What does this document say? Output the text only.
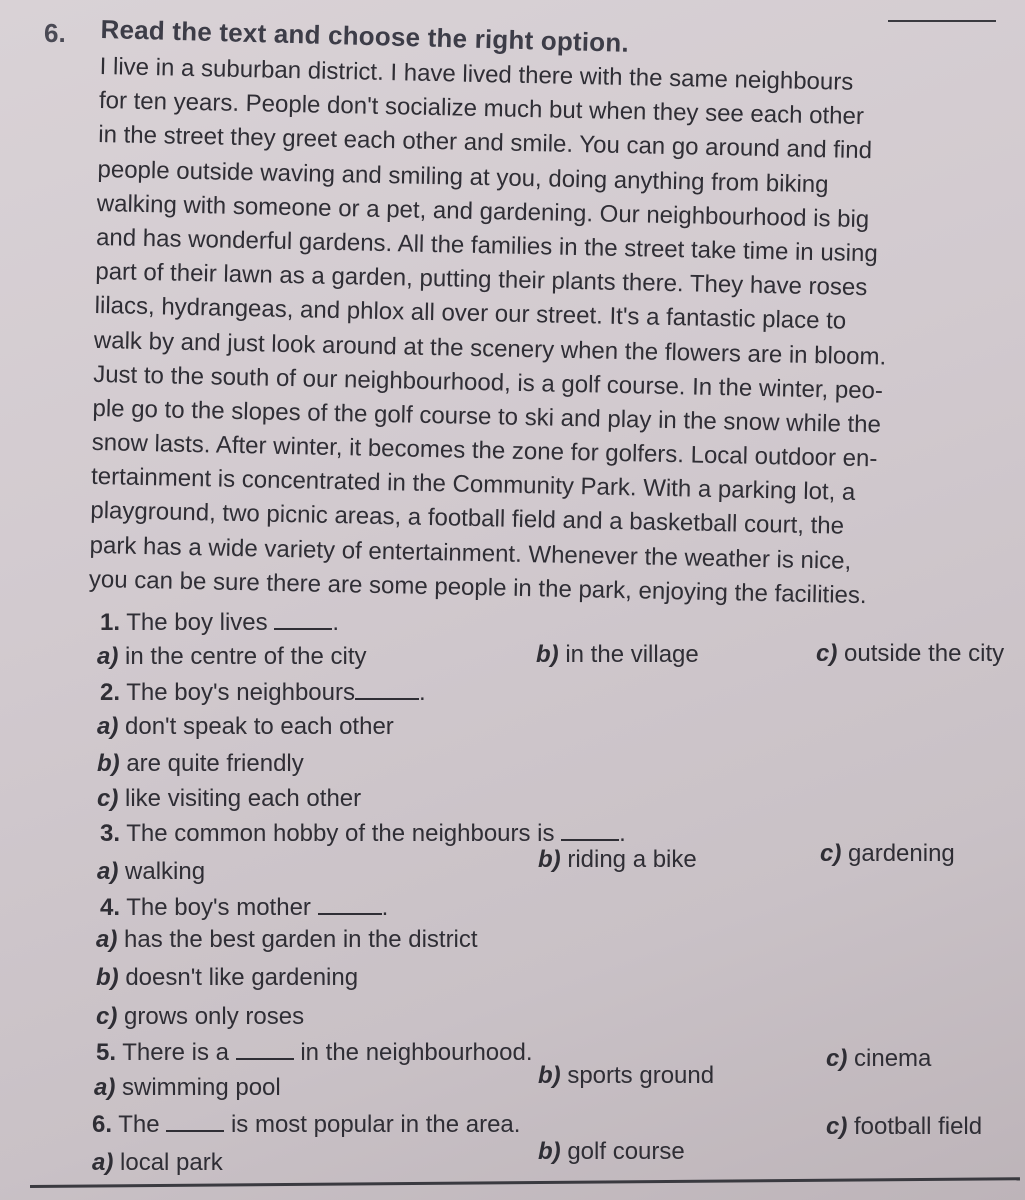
6. Read the text and choose the right option.
I live in a suburban district. I have lived there with the same neighbours
for ten years. People don't socialize much but when they see each other
in the street they greet each other and smile. You can go around and find
people outside waving and smiling at you, doing anything from biking
walking with someone or a pet, and gardening. Our neighbourhood is big
and has wonderful gardens. All the families in the street take time in using
part of their lawn as a garden, putting their plants there. They have roses
lilacs, hydrangeas, and phlox all over our street. It's a fantastic place to
walk by and just look around at the scenery when the flowers are in bloom.
Just to the south of our neighbourhood, is a golf course. In the winter, peo-
ple go to the slopes of the golf course to ski and play in the snow while the
snow lasts. After winter, it becomes the zone for golfers. Local outdoor en-
tertainment is concentrated in the Community Park. With a parking lot, a
playground, two picnic areas, a football field and a basketball court, the
park has a wide variety of entertainment. Whenever the weather is nice,
you can be sure there are some people in the park, enjoying the facilities.
1. The boy lives	.
a) in the centre of the city	b) in the village	c) outside the city
2. The boy's neighbours	.
a) don't speak to each other
b) are quite friendly
c) like visiting each other
3. The common hobby of the neighbours is	.
a) walking	b) riding a bike	c) gardening
4. The boy's mother	.
a) has the best garden in the district
b) doesn't like gardening
c) grows only roses
5. There is a	in the neighbourhood.
a) swimming pool	b) sports ground
c) cinema
6. The	is most popular in the area.
a) local park	b) golf course
c) football field
